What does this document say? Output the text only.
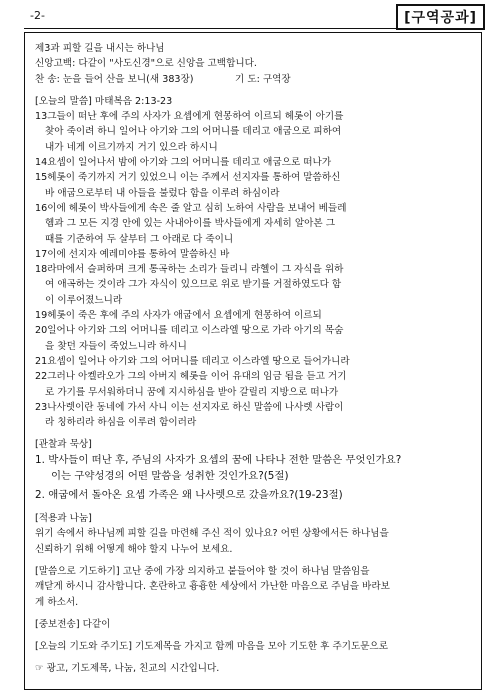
-2-	[구역공과]
제3과 피할 길을 내시는 하나님
신앙고백: 다같이 "사도신경"으로 신앙을 고백합니다.
찬 송: 눈을 들어 산을 보니(새 383장)	기 도: 구역장
[오늘의 말씀] 마태복음 2:13-23
13그들이 떠난 후에 주의 사자가 요셉에게 현몽하여 이르되 헤롯이 아기를
찾아 죽이려 하니 일어나 아기와 그의 어머니를 데리고 애굽으로 피하여
내가 네게 이르기까지 거기 있으라 하시니
14요셉이 일어나서 밤에 아기와 그의 어머니를 데리고 애굽으로 떠나가
15헤롯이 죽기까지 거기 있었으니 이는 주께서 선지자를 통하여 말씀하신
바 애굽으로부터 내 아들을 불렀다 함을 이루려 하심이라
16이에 헤롯이 박사들에게 속은 줄 알고 심히 노하여 사람을 보내어 베들레
헴과 그 모든 지경 안에 있는 사내아이를 박사들에게 자세히 알아본 그
때를 기준하여 두 살부터 그 아래로 다 죽이니
17이에 선지자 예레미야를 통하여 말씀하신 바
18라마에서 슬퍼하며 크게 통곡하는 소리가 들리니 라헬이 그 자식을 위하
여 애곡하는 것이라 그가 자식이 있으므로 위로 받기를 거절하였도다 함
이 이루어졌느니라
19헤롯이 죽은 후에 주의 사자가 애굽에서 요셉에게 현몽하여 이르되
20일어나 아기와 그의 어머니를 데리고 이스라엘 땅으로 가라 아기의 목숨
을 찾던 자들이 죽었느니라 하시니
21요셉이 일어나 아기와 그의 어머니를 데리고 이스라엘 땅으로 들어가니라
22그러나 아켈라오가 그의 아버지 헤롯을 이어 유대의 임금 됨을 듣고 거기
로 가기를 무서워하더니 꿈에 지시하심을 받아 갈릴리 지방으로 떠나가
23나사렛이란 동네에 가서 사니 이는 선지자로 하신 말씀에 나사렛 사람이
라 칭하리라 하심을 이루려 함이러라
[관찰과 묵상]
1. 박사들이 떠난 후, 주님의 사자가 요셉의 꿈에 나타나 전한 말씀은 무엇인가요?
이는 구약성경의 어떤 말씀을 성취한 것인가요?(5절)
2. 애굽에서 돌아온 요셉 가족은 왜 나사렛으로 갔을까요?(19-23절)
[적용과 나눔]
위기 속에서 하나님께 피할 길을 마련해 주신 적이 있나요? 어떤 상황에서든 하나님을
신뢰하기 위해 어떻게 해야 할지 나누어 보세요.
[말씀으로 기도하기] 고난 중에 가장 의지하고 붙들어야 할 것이 하나님 말씀임을
깨닫게 하시니 감사합니다. 혼란하고 흉흉한 세상에서 가난한 마음으로 주님을 바라보
게 하소서.
[중보전송] 다같이
[오늘의 기도와 주기도] 기도제목을 가지고 함께 마음을 모아 기도한 후 주기도문으로
☞ 광고, 기도제목, 나눔, 친교의 시간입니다.
